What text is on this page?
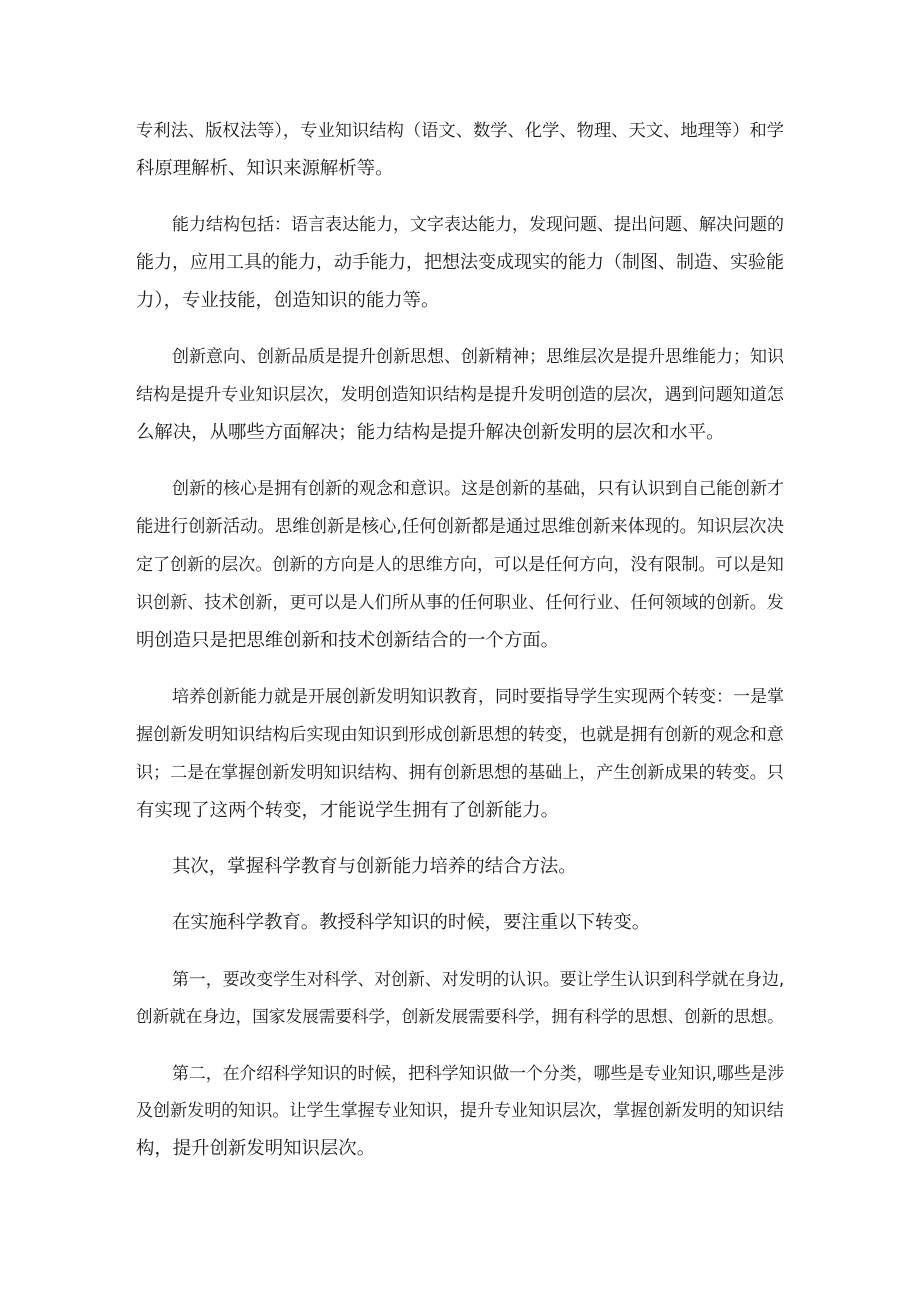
专利法、版权法等），专业知识结构（语文、数学、化学、物理、天文、地理等）和学
科原理解析、知识来源解析等。

能力结构包括：语言表达能力，文字表达能力，发现问题、提出问题、解决问题的
能力，应用工具的能力，动手能力，把想法变成现实的能力（制图、制造、实验能
力），专业技能，创造知识的能力等。

创新意向、创新品质是提升创新思想、创新精神；思维层次是提升思维能力；知识
结构是提升专业知识层次，发明创造知识结构是提升发明创造的层次，遇到问题知道怎
么解决，从哪些方面解决；能力结构是提升解决创新发明的层次和水平。

创新的核心是拥有创新的观念和意识。这是创新的基础，只有认识到自己能创新才
能进行创新活动。思维创新是核心,任何创新都是通过思维创新来体现的。知识层次决
定了创新的层次。创新的方向是人的思维方向，可以是任何方向，没有限制。可以是知
识创新、技术创新，更可以是人们所从事的任何职业、任何行业、任何领域的创新。发
明创造只是把思维创新和技术创新结合的一个方面。

培养创新能力就是开展创新发明知识教育，同时要指导学生实现两个转变：一是掌
握创新发明知识结构后实现由知识到形成创新思想的转变，也就是拥有创新的观念和意
识；二是在掌握创新发明知识结构、拥有创新思想的基础上，产生创新成果的转变。只
有实现了这两个转变，才能说学生拥有了创新能力。

其次，掌握科学教育与创新能力培养的结合方法。

在实施科学教育。教授科学知识的时候，要注重以下转变。

第一，要改变学生对科学、对创新、对发明的认识。要让学生认识到科学就在身边,
创新就在身边，国家发展需要科学，创新发展需要科学，拥有科学的思想、创新的思想。

第二，在介绍科学知识的时候，把科学知识做一个分类，哪些是专业知识,哪些是涉
及创新发明的知识。让学生掌握专业知识，提升专业知识层次，掌握创新发明的知识结
构，提升创新发明知识层次。
